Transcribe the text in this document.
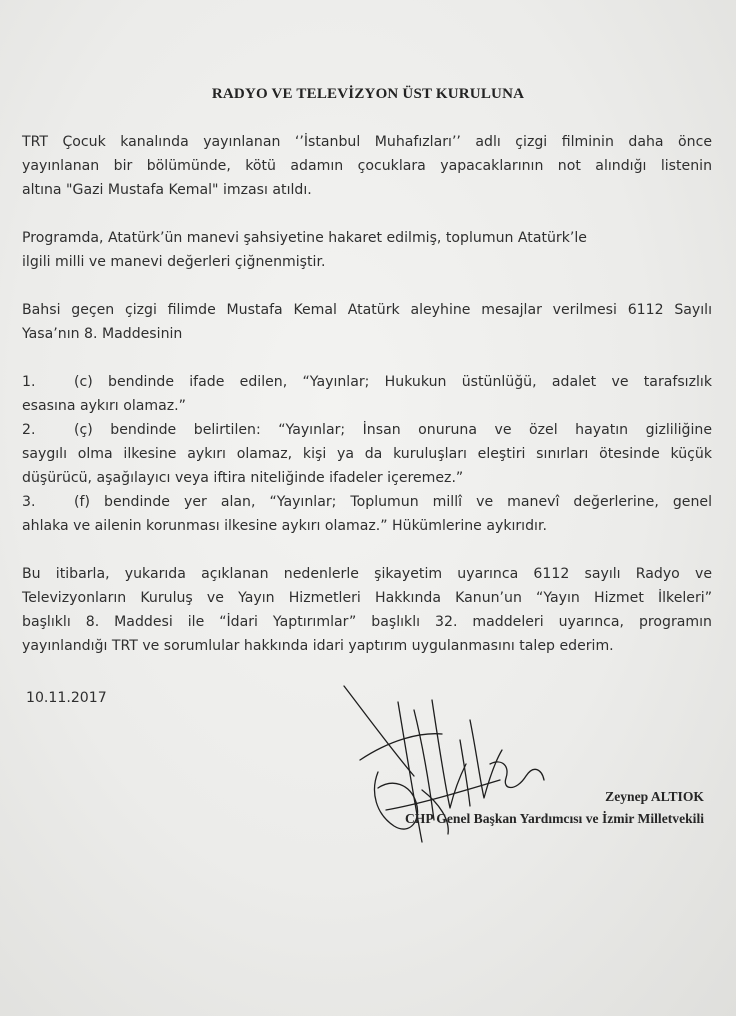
RADYO VE TELEVİZYON ÜST KURULUNA

TRT Çocuk kanalında yayınlanan ‘’İstanbul Muhafızları’’ adlı çizgi filminin daha önce

yayınlanan bir bölümünde, kötü adamın çocuklara yapacaklarının not alındığı listenin

altına "Gazi Mustafa Kemal" imzası atıldı.

Programda, Atatürk’ün manevi şahsiyetine hakaret edilmiş, toplumun Atatürk’le

ilgili milli ve manevi değerleri çiğnenmiştir.

Bahsi geçen çizgi filimde Mustafa Kemal Atatürk aleyhine mesajlar verilmesi 6112 Sayılı

Yasa’nın 8. Maddesinin

1.	(c) bendinde ifade edilen, “Yayınlar; Hukukun üstünlüğü, adalet ve tarafsızlık

esasına aykırı olamaz.”

2.	(ç) bendinde belirtilen: “Yayınlar; İnsan onuruna ve özel hayatın gizliliğine

saygılı olma ilkesine aykırı olamaz, kişi ya da kuruluşları eleştiri sınırları ötesinde küçük

düşürücü, aşağılayıcı veya iftira niteliğinde ifadeler içeremez.”

3.	(f) bendinde yer alan, “Yayınlar; Toplumun millî ve manevî değerlerine, genel

ahlaka ve ailenin korunması ilkesine aykırı olamaz.” Hükümlerine aykırıdır.

Bu itibarla, yukarıda açıklanan nedenlerle şikayetim uyarınca 6112 sayılı Radyo ve

Televizyonların Kuruluş ve Yayın Hizmetleri Hakkında Kanun’un “Yayın Hizmet İlkeleri”

başlıklı 8. Maddesi ile “İdari Yaptırımlar” başlıklı 32. maddeleri uyarınca, programın

yayınlandığı TRT ve sorumlular hakkında idari yaptırım uygulanmasını talep ederim.

10.11.2017
Zeynep ALTIOK
CHP Genel Başkan Yardımcısı ve İzmir Milletvekili
